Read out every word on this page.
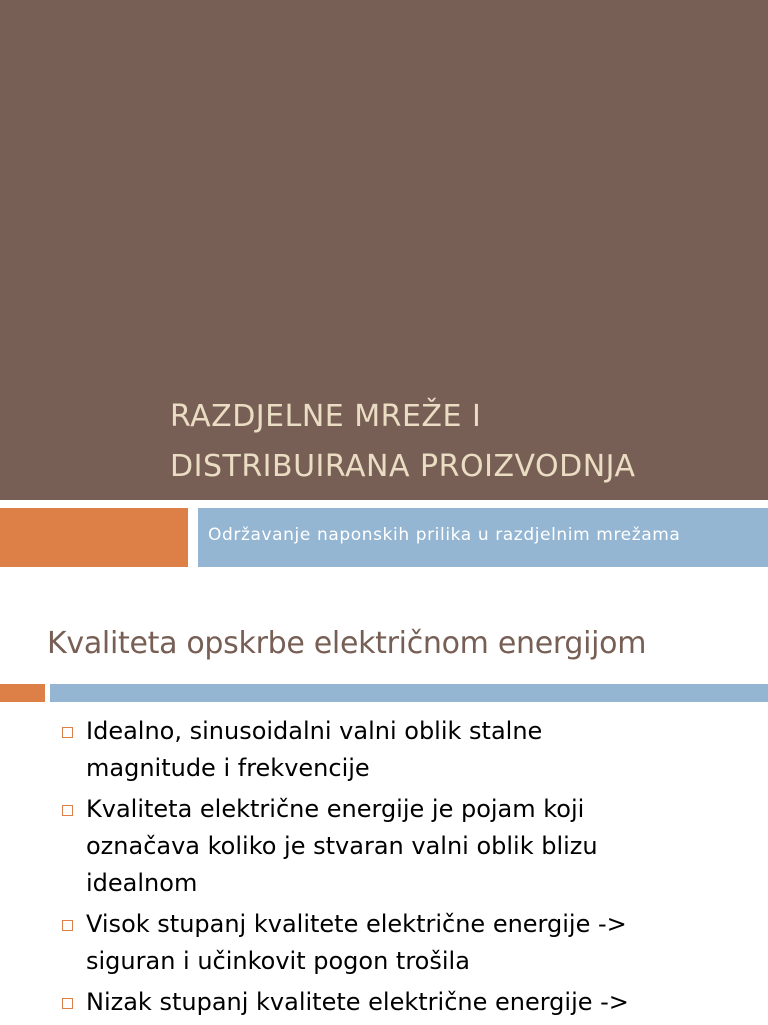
RAZDJELNE MREŽE I
DISTRIBUIRANA PROIZVODNJA
Održavanje naponskih prilika u razdjelnim mrežama
Kvaliteta opskrbe električnom energijom
Idealno, sinusoidalni valni oblik stalne
magnitude i frekvencije
Kvaliteta električne energije je pojam koji
označava koliko je stvaran valni oblik blizu
idealnom
Visok stupanj kvalitete električne energije ->
siguran i učinkovit pogon trošila
Nizak stupanj kvalitete električne energije ->
